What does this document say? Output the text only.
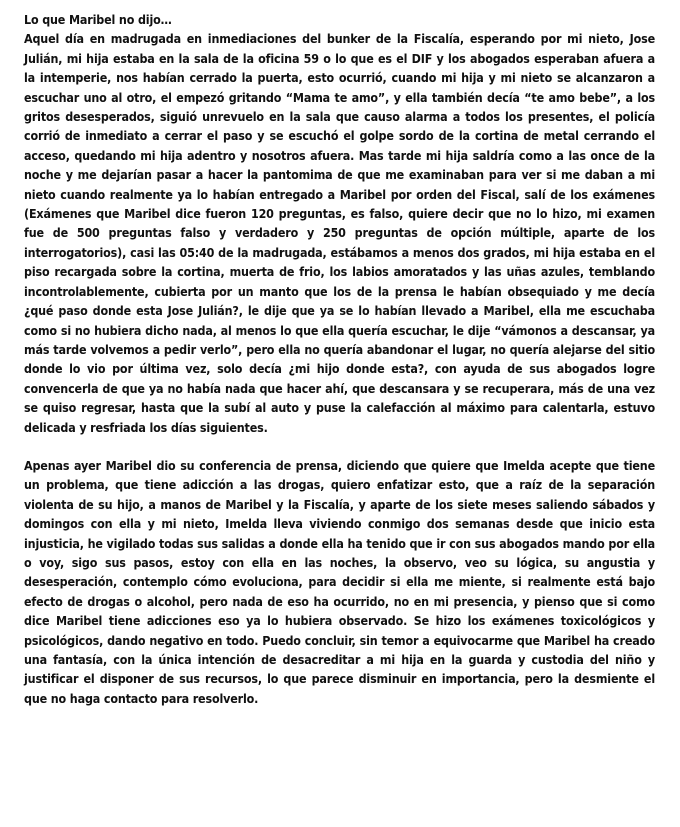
Lo que Maribel no dijo…

Aquel día en madrugada en inmediaciones del bunker de la Fiscalía, esperando por mi nieto, Jose Julián, mi hija estaba en la sala de la oficina 59 o lo que es el DIF y los abogados esperaban afuera a la intemperie, nos habían cerrado la puerta, esto ocurrió, cuando mi hija y mi nieto se alcanzaron a escuchar uno al otro, el empezó gritando “Mama te amo”, y ella también decía “te amo bebe”, a los gritos desesperados, siguió unrevuelo en la sala que causo alarma a todos los presentes, el policía corrió de inmediato a cerrar el paso y se escuchó el golpe sordo de la cortina de metal cerrando el acceso, quedando mi hija adentro y nosotros afuera. Mas tarde mi hija saldría como a las once de la noche y me dejarían pasar a hacer la pantomima de que me examinaban para ver si me daban a mi nieto cuando realmente ya lo habían entregado a Maribel por orden del Fiscal, salí de los exámenes (Exámenes que Maribel dice fueron 120 preguntas, es falso, quiere decir que no lo hizo, mi examen fue de 500 preguntas falso y verdadero y 250 preguntas de opción múltiple, aparte de los interrogatorios), casi las 05:40 de la madrugada, estábamos a menos dos grados, mi hija estaba en el piso recargada sobre la cortina, muerta de frio, los labios amoratados y las uñas azules, temblando incontrolablemente, cubierta por un manto que los de la prensa le habían obsequiado y me decía ¿qué paso donde esta Jose Julián?, le dije que ya se lo habían llevado a Maribel, ella me escuchaba como si no hubiera dicho nada, al menos lo que ella quería escuchar, le dije “vámonos a descansar, ya más tarde volvemos a pedir verlo”, pero ella no quería abandonar el lugar, no quería alejarse del sitio donde lo vio por última vez, solo decía ¿mi hijo donde esta?, con ayuda de sus abogados logre convencerla de que ya no había nada que hacer ahí, que descansara y se recuperara, más de una vez se quiso regresar, hasta que la subí al auto y puse la calefacción al máximo para calentarla, estuvo delicada y resfriada los días siguientes.

Apenas ayer Maribel dio su conferencia de prensa, diciendo que quiere que Imelda acepte que tiene un problema, que tiene adicción a las drogas, quiero enfatizar esto, que a raíz de la separación violenta de su hijo, a manos de Maribel y la Fiscalía, y aparte de los siete meses saliendo sábados y domingos con ella y mi nieto, Imelda lleva viviendo conmigo dos semanas desde que inicio esta injusticia, he vigilado todas sus salidas a donde ella ha tenido que ir con sus abogados mando por ella o voy, sigo sus pasos, estoy con ella en las noches, la observo, veo su lógica, su angustia y desesperación, contemplo cómo evoluciona, para decidir si ella me miente, si realmente está bajo efecto de drogas o alcohol, pero nada de eso ha ocurrido, no en mi presencia, y pienso que si como dice Maribel tiene adicciones eso ya lo hubiera observado. Se hizo los exámenes toxicológicos y psicológicos, dando negativo en todo. Puedo concluir, sin temor a equivocarme que Maribel ha creado una fantasía, con la única intención de desacreditar a mi hija en la guarda y custodia del niño y justificar el disponer de sus recursos, lo que parece disminuir en importancia, pero la desmiente el que no haga contacto para resolverlo.
